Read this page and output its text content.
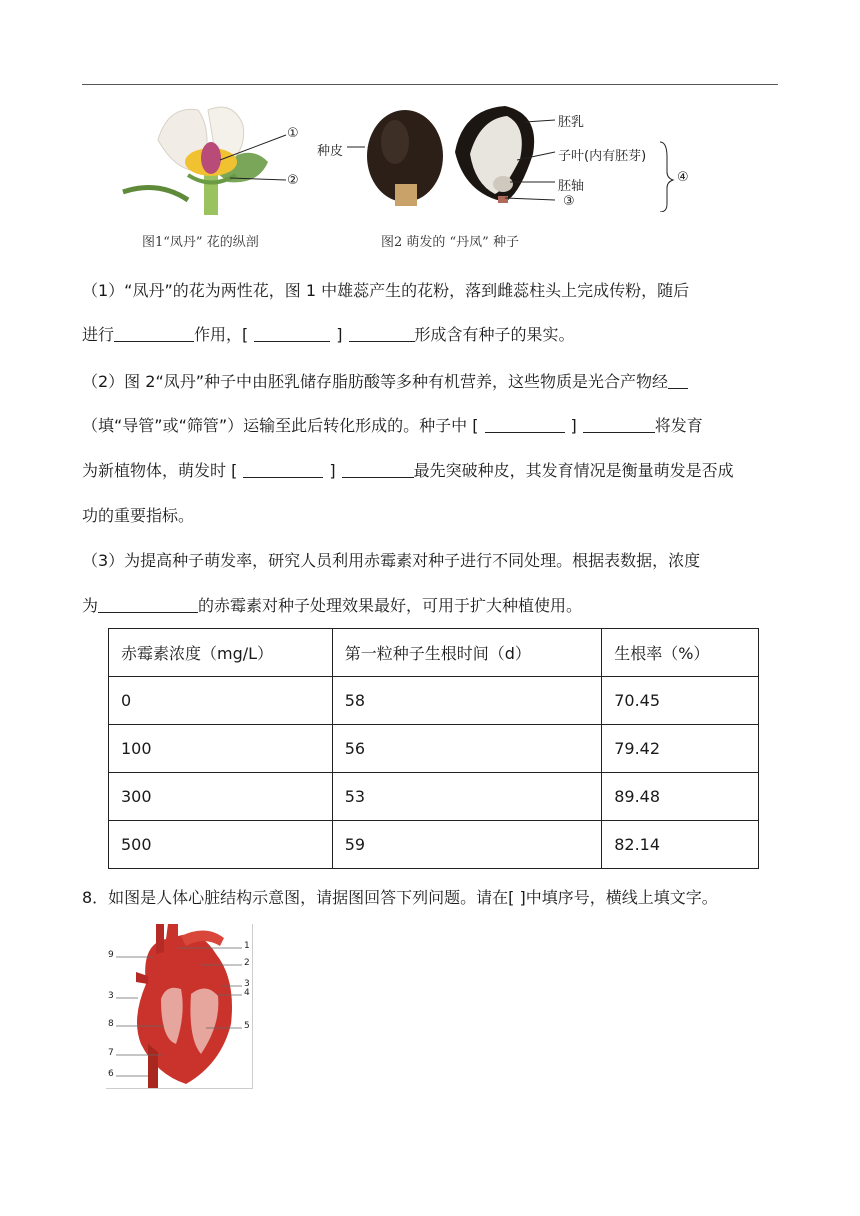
①
②
图1“凤丹” 花的纵剖
种皮
胚乳
子叶(内有胚芽)
胚轴
③
④
图2 萌发的 “丹凤” 种子
（1）“凤丹”的花为两性花，图 1 中雄蕊产生的花粉，落到雌蕊柱头上完成传粉，随后
进行	作用，[	]	形成含有种子的果实。
（2）图 2“凤丹”种子中由胚乳储存脂肪酸等多种有机营养，这些物质是光合产物经
（填“导管”或“筛管”）运输至此后转化形成的。种子中 [	]	将发育
为新植物体，萌发时 [	]	最先突破种皮，其发育情况是衡量萌发是否成
功的重要指标。
（3）为提高种子萌发率，研究人员利用赤霉素对种子进行不同处理。根据表数据，浓度
为	的赤霉素对种子处理效果最好，可用于扩大种植使用。
赤霉素浓度（mg/L）	第一粒种子生根时间（d）	生根率（%）
0	58	70.45
100	56	79.42
300	53	89.48
500	59	82.14
8．如图是人体心脏结构示意图，请据图回答下列问题。请在[ ]中填序号，横线上填文字。
1
2
3
4
5
6
7
8
3
9
